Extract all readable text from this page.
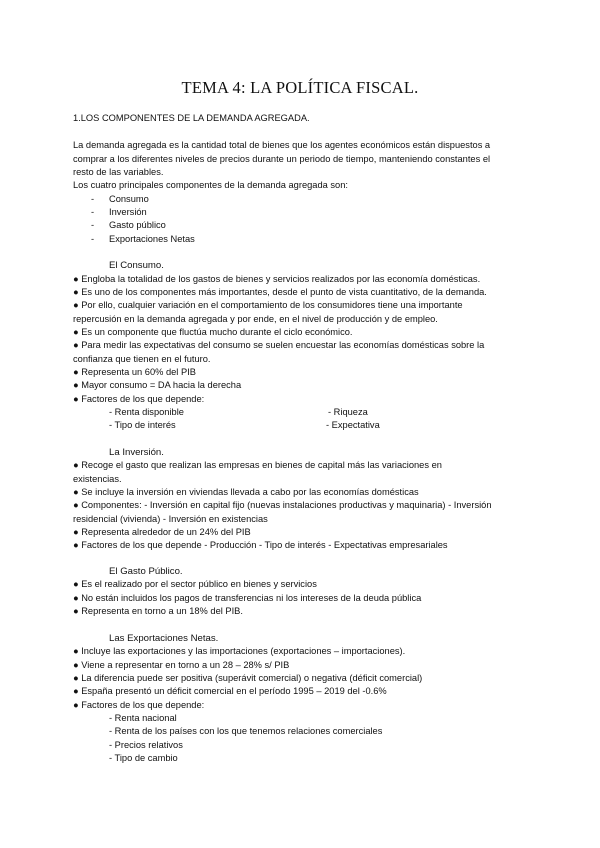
TEMA 4: LA POLÍTICA FISCAL.
1.LOS COMPONENTES DE LA DEMANDA AGREGADA.
La demanda agregada es la cantidad total de bienes que los agentes económicos están dispuestos a
comprar a los diferentes niveles de precios durante un periodo de tiempo, manteniendo constantes el
resto de las variables.
Los cuatro principales componentes de la demanda agregada son:
- Consumo
- Inversión
- Gasto público
- Exportaciones Netas
El Consumo.
● Engloba la totalidad de los gastos de bienes y servicios realizados por las economía domésticas.
● Es uno de los componentes más importantes, desde el punto de vista cuantitativo, de la demanda.
● Por ello, cualquier variación en el comportamiento de los consumidores tiene una importante
repercusión en la demanda agregada y por ende, en el nivel de producción y de empleo.
● Es un componente que fluctúa mucho durante el ciclo económico.
● Para medir las expectativas del consumo se suelen encuestar las economías domésticas sobre la
confianza que tienen en el futuro.
● Representa un 60% del PIB
● Mayor consumo = DA hacia la derecha
● Factores de los que depende:
- Renta disponible	- Riqueza
- Tipo de interés	- Expectativa
La Inversión.
● Recoge el gasto que realizan las empresas en bienes de capital más las variaciones en
existencias.
● Se incluye la inversión en viviendas llevada a cabo por las economías domésticas
● Componentes: - Inversión en capital fijo (nuevas instalaciones productivas y maquinaria) - Inversión
residencial (vivienda) - Inversión en existencias
● Representa alrededor de un 24% del PIB
● Factores de los que depende - Producción - Tipo de interés - Expectativas empresariales
El Gasto Público.
● Es el realizado por el sector público en bienes y servicios
● No están incluidos los pagos de transferencias ni los intereses de la deuda pública
● Representa en torno a un 18% del PIB.
Las Exportaciones Netas.
● Incluye las exportaciones y las importaciones (exportaciones – importaciones).
● Viene a representar en torno a un 28 – 28% s/ PIB
● La diferencia puede ser positiva (superávit comercial) o negativa (déficit comercial)
● España presentó un déficit comercial en el período 1995 – 2019 del -0.6%
● Factores de los que depende:
- Renta nacional
- Renta de los países con los que tenemos relaciones comerciales
- Precios relativos
- Tipo de cambio
